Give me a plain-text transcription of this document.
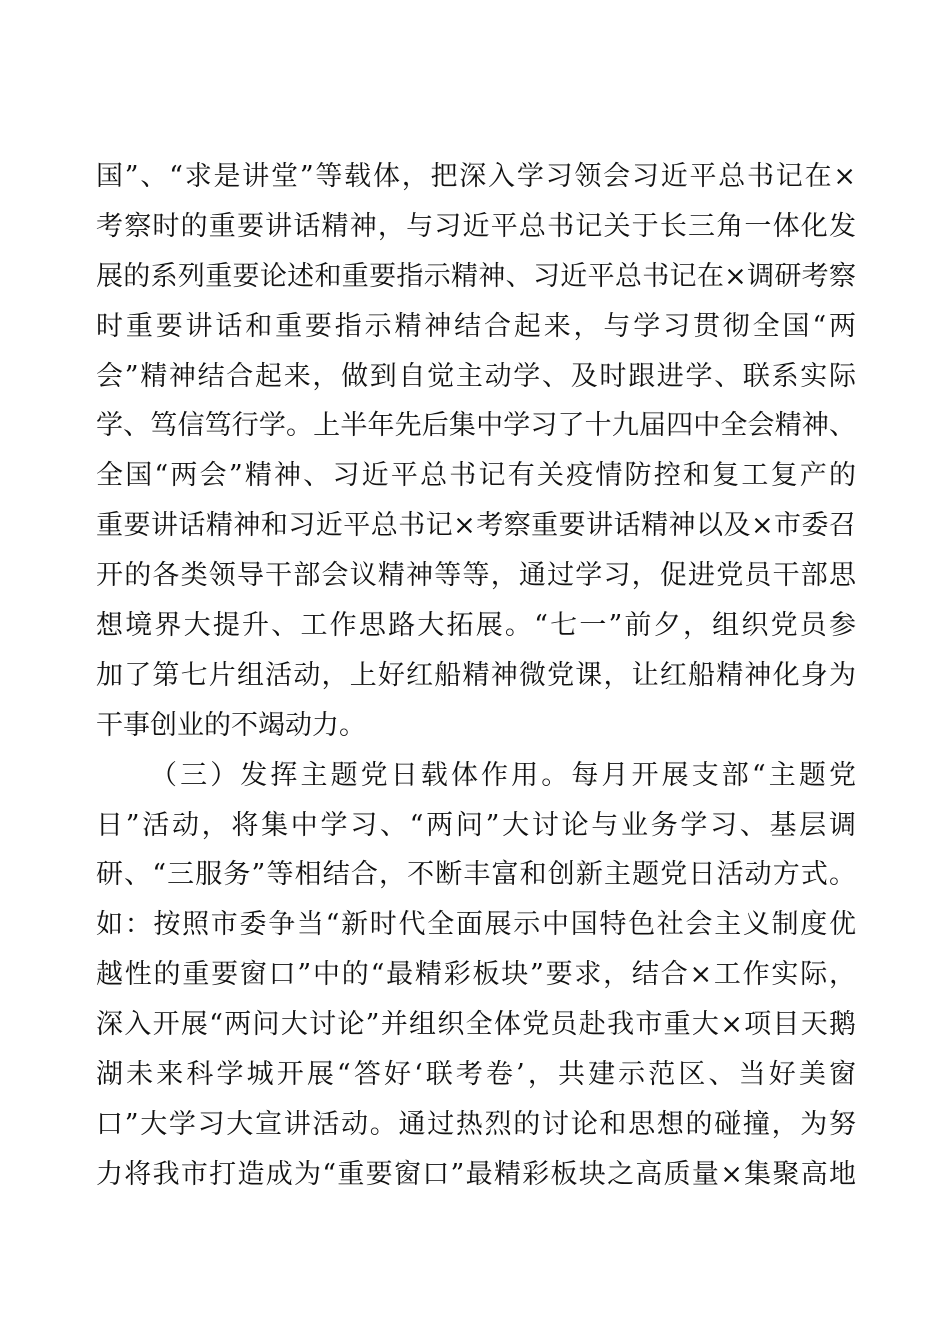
国”、“求是讲堂”等载体，把深入学习领会习近平总书记在×
考察时的重要讲话精神，与习近平总书记关于长三角一体化发
展的系列重要论述和重要指示精神、习近平总书记在×调研考察
时重要讲话和重要指示精神结合起来，与学习贯彻全国“两
会”精神结合起来，做到自觉主动学、及时跟进学、联系实际
学、笃信笃行学。上半年先后集中学习了十九届四中全会精神、
全国“两会”精神、习近平总书记有关疫情防控和复工复产的
重要讲话精神和习近平总书记×考察重要讲话精神以及×市委召
开的各类领导干部会议精神等等，通过学习，促进党员干部思
想境界大提升、工作思路大拓展。“七一”前夕，组织党员参
加了第七片组活动，上好红船精神微党课，让红船精神化身为
干事创业的不竭动力。
（三）发挥主题党日载体作用。每月开展支部“主题党
日”活动，将集中学习、“两问”大讨论与业务学习、基层调
研、“三服务”等相结合，不断丰富和创新主题党日活动方式。
如：按照市委争当“新时代全面展示中国特色社会主义制度优
越性的重要窗口”中的“最精彩板块”要求，结合×工作实际，
深入开展“两问大讨论”并组织全体党员赴我市重大×项目天鹅
湖未来科学城开展“答好‘联考卷’，共建示范区、当好美窗
口”大学习大宣讲活动。通过热烈的讨论和思想的碰撞，为努
力将我市打造成为“重要窗口”最精彩板块之高质量×集聚高地
